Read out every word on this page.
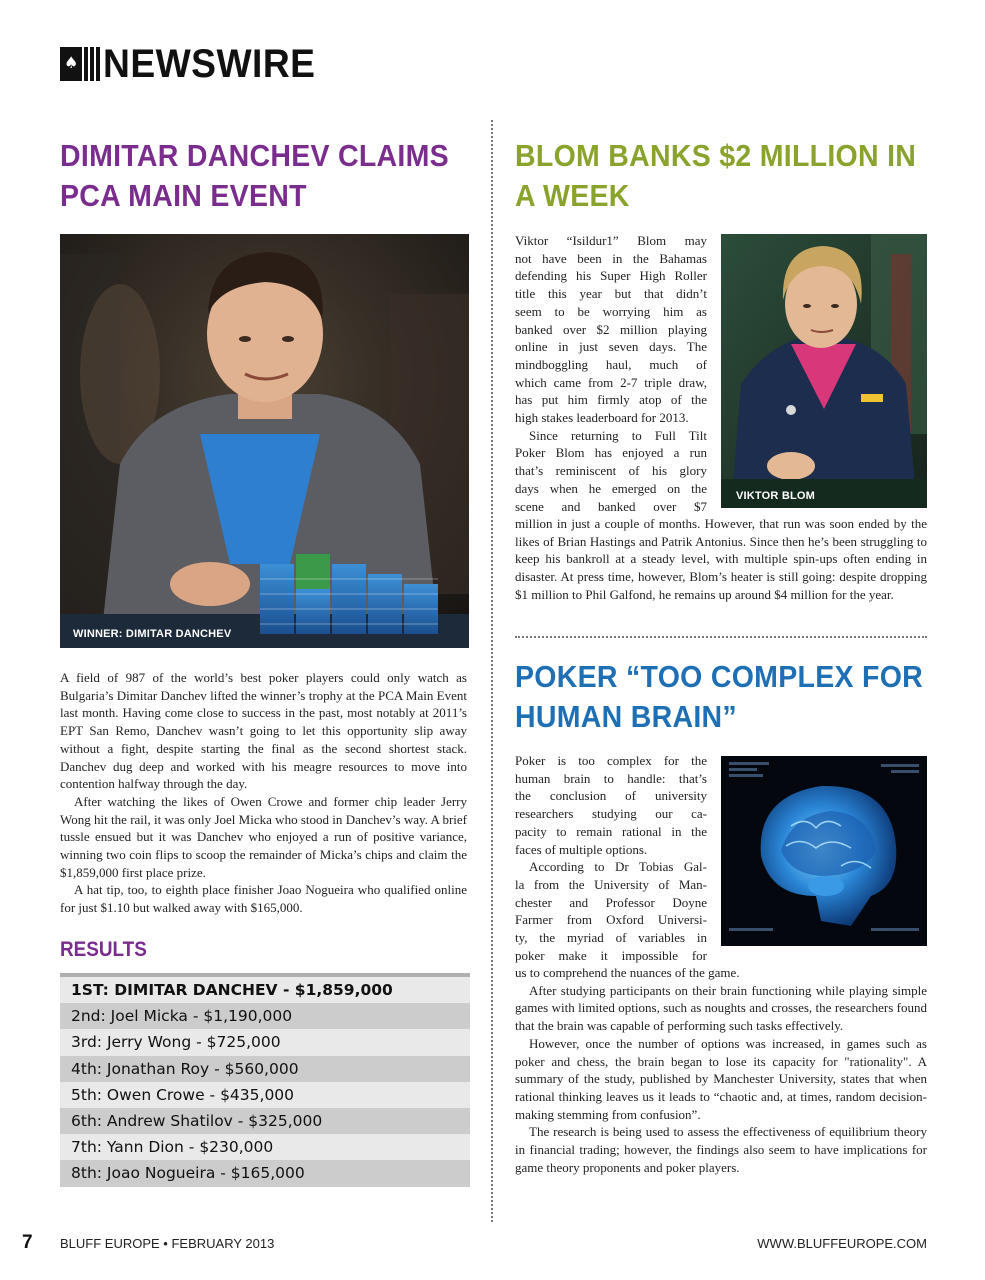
♠ NEWSWIRE
DIMITAR DANCHEV CLAIMS
PCA MAIN EVENT
WINNER: DIMITAR DANCHEV

A field of 987 of the world’s best poker players could only watch as Bulgaria’s Dimitar Danchev lifted the winner’s trophy at the PCA Main Event last month. Having come close to success in the past, most notably at 2011’s EPT San Remo, Danchev wasn’t going to let this opportunity slip away without a fight, despite starting the final as the second shortest stack. Danchev dug deep and worked with his meagre resources to move into contention halfway through the day.

After watching the likes of Owen Crowe and former chip leader Jerry Wong hit the rail, it was only Joel Micka who stood in Danchev’s way. A brief tussle ensued but it was Danchev who enjoyed a run of positive variance, winning two coin flips to scoop the remainder of Micka’s chips and claim the $1,859,000 first place prize.

A hat tip, too, to eighth place finisher Joao Nogueira who qualified online for just $1.10 but walked away with $165,000.

RESULTS
1ST: DIMITAR DANCHEV - $1,859,000
2nd: Joel Micka - $1,190,000
3rd: Jerry Wong - $725,000
4th: Jonathan Roy - $560,000
5th: Owen Crowe - $435,000
6th: Andrew Shatilov - $325,000
7th: Yann Dion - $230,000
8th: Joao Nogueira - $165,000
BLOM BANKS $2 MILLION IN
A WEEK
VIKTOR BLOM
Viktor “Isildur1” Blom may
not have been in the Bahamas
defending his Super High Roller
title this year but that didn’t
seem to be worrying him as
banked over $2 million playing
online in just seven days. The
mindboggling haul, much of
which came from 2-7 triple draw,
has put him firmly atop of the
high stakes leaderboard for 2013.
Since returning to Full Tilt
Poker Blom has enjoyed a run
that’s reminiscent of his glory
days when he emerged on the
scene and banked over $7

million in just a couple of months. However, that run was soon ended by the likes of Brian Hastings and Patrik Antonius. Since then he’s been struggling to keep his bankroll at a steady level, with multiple spin-ups often ending in disaster. At press time, however, Blom’s heater is still going: despite dropping $1 million to Phil Galfond, he remains up around $4 million for the year.

POKER “TOO COMPLEX FOR
HUMAN BRAIN”
Poker is too complex for the
human brain to handle: that’s
the conclusion of university
researchers studying our ca-
pacity to remain rational in the
faces of multiple options.
According to Dr Tobias Gal-
la from the University of Man-
chester and Professor Doyne
Farmer from Oxford Universi-
ty, the myriad of variables in
poker make it impossible for

us to comprehend the nuances of the game.

After studying participants on their brain functioning while playing simple games with limited options, such as noughts and crosses, the researchers found that the brain was capable of performing such tasks effectively.

However, once the number of options was increased, in games such as poker and chess, the brain began to lose its capacity for "rationality". A summary of the study, published by Manchester University, states that when rational thinking leaves us it leads to “chaotic and, at times, random decision-making stemming from confusion”.

The research is being used to assess the effectiveness of equilibrium theory in financial trading; however, the findings also seem to have implications for game theory proponents and poker players.

7 BLUFF EUROPE • FEBRUARY 2013	WWW.BLUFFEUROPE.COM
